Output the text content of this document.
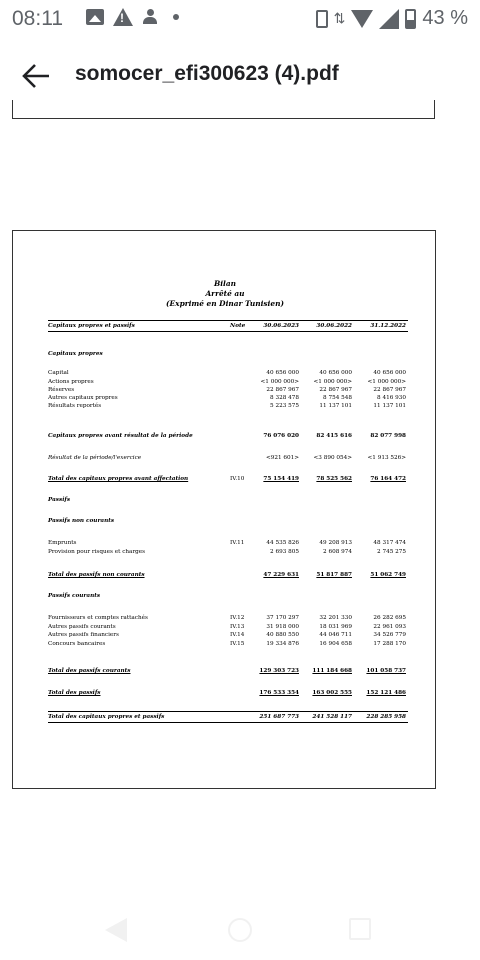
08:11
!	⇅	43 %
somocer_efi300623 (4).pdf
Bilan
Arrêté au
(Exprimé en Dinar Tunisien)
Capitaux propres et passifs	Note	30.06.2023	30.06.2022	31.12.2022
Capitaux propres
Capital	40 656 000	40 656 000	40 656 000
Actions propres	<1 000 000>	<1 000 000>	<1 000 000>
Réserves	22 867 967	22 867 967	22 867 967
Autres capitaux propres	8 328 478	8 754 548	8 416 930
Résultats reportés	5 223 575	11 137 101	11 137 101
Capitaux propres avant résultat de la période	76 076 020	82 415 616	82 077 998
Résultat de la période/l'exercice	<921 601>	<3 890 054>	<1 913 526>
Total des capitaux propres avant affectation	IV.10	75 154 419	78 525 562	76 164 472
Passifs
Passifs non courants
Emprunts	IV.11	44 535 826	49 208 913	48 317 474
Provision pour risques et charges	2 693 805	2 608 974	2 745 275
Total des passifs non courants	47 229 631	51 817 887	51 062 749
Passifs courants
Fournisseurs et comptes rattachés	IV.12	37 170 297	32 201 330	26 282 695
Autres passifs courants	IV.13	31 918 000	18 031 969	22 961 093
Autres passifs financiers	IV.14	40 880 550	44 046 711	34 526 779
Concours bancaires	IV.15	19 334 876	16 904 658	17 288 170
Total des passifs courants	129 303 723 111 184 668	101 058 737
Total des passifs	176 533 354 163 002 555	152 121 486
Total des capitaux propres et passifs	251 687 773 241 528 117	228 285 958
